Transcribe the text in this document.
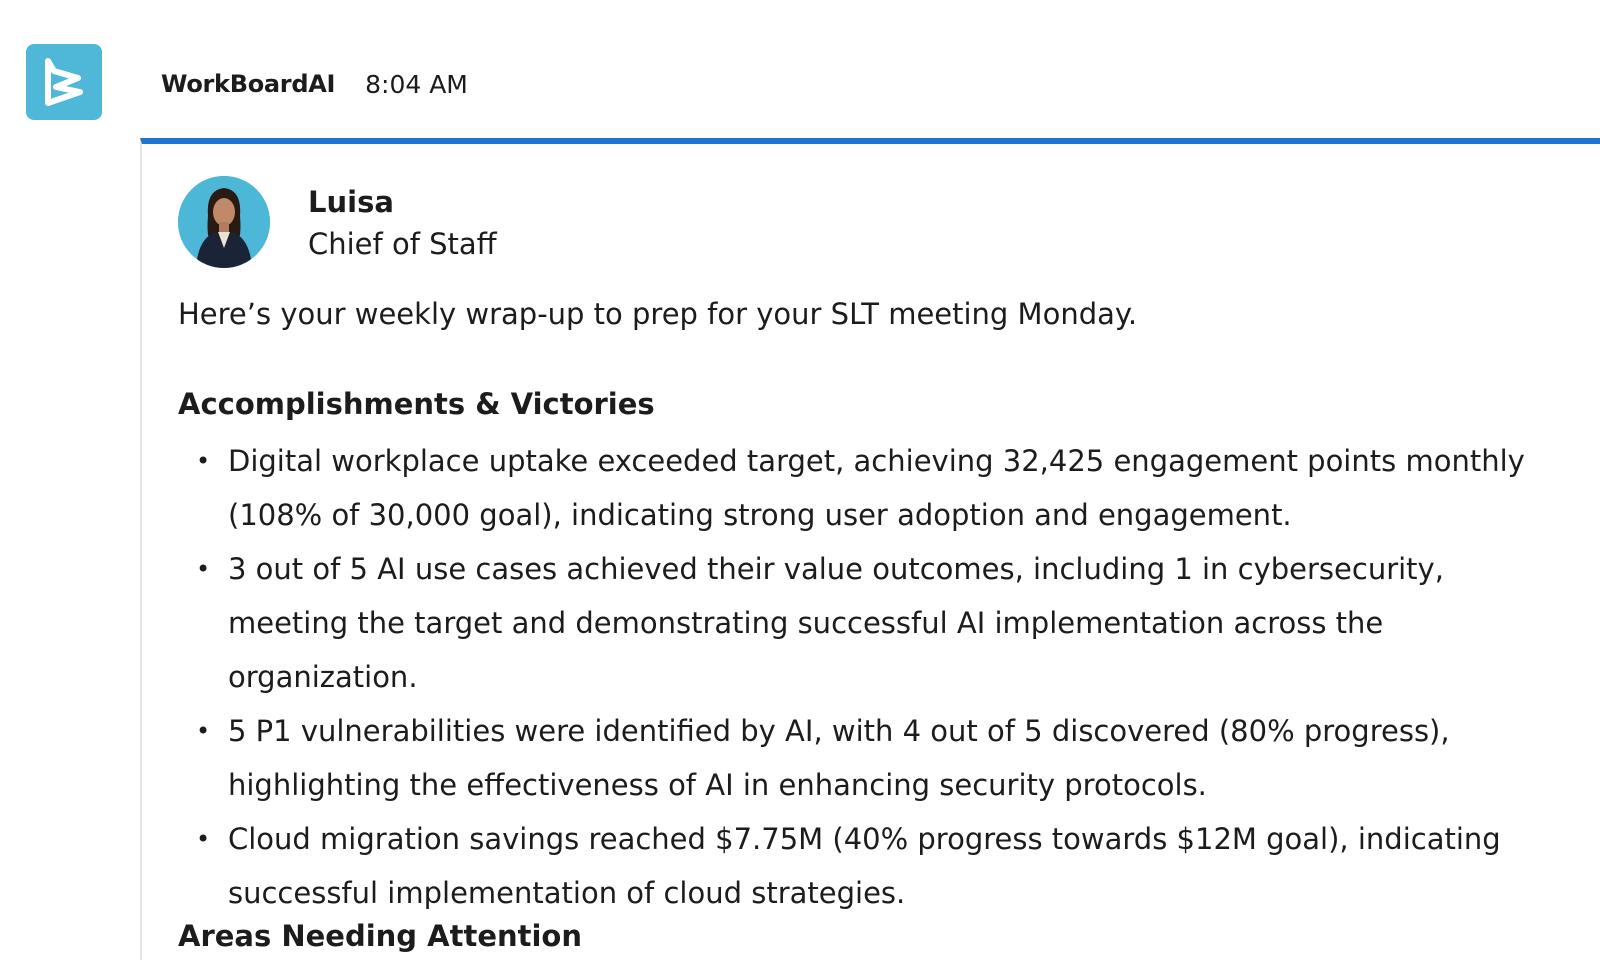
WorkBoardAI 8:04 AM
Luisa
Chief of Staff
Here’s your weekly wrap-up to prep for your SLT meeting Monday.
Accomplishments & Victories
• Digital workplace uptake exceeded target, achieving 32,425 engagement points monthly (108% of 30,000 goal), indicating strong user adoption and engagement.
• 3 out of 5 AI use cases achieved their value outcomes, including 1 in cybersecurity, meeting the target and demonstrating successful AI implementation across the organization.
• 5 P1 vulnerabilities were identified by AI, with 4 out of 5 discovered (80% progress), highlighting the effectiveness of AI in enhancing security protocols.
• Cloud migration savings reached $7.75M (40% progress towards $12M goal), indicating successful implementation of cloud strategies.
Areas Needing Attention
